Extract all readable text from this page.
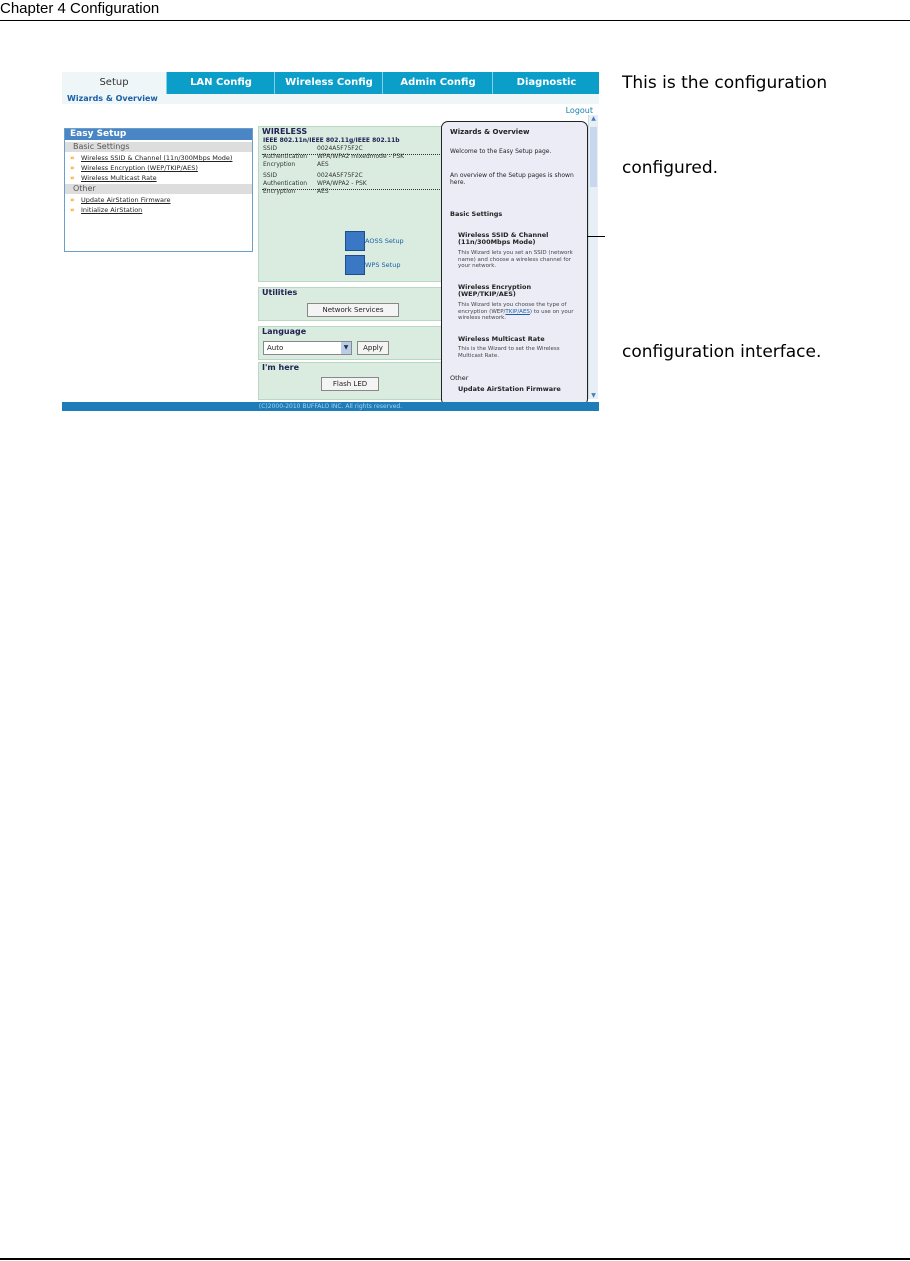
Chapter 4 Configuration
Setup	LAN Config	Wireless Config	Admin Config	Diagnostic
Wizards & Overview
Logout
Easy Setup
Basic Settings
» Wireless SSID & Channel (11n/300Mbps Mode)
» Wireless Encryption (WEP/TKIP/AES)
» Wireless Multicast Rate
Other
» Update AirStation Firmware
» Initialize AirStation
WIRELESS
IEEE 802.11n/IEEE 802.11g/IEEE 802.11b
SSID	0024A5F75F2C
Authentication WPA/WPA2 mixedmode - PSK
Encryption	AES
SSID	0024A5F75F2C
Authentication WPA/WPA2 - PSK
Encryption	AES
AOSS Setup
WPS Setup
Utilities
Network Services
Language
Auto	▼	Apply
I'm here
Flash LED
Wizards & Overview
Welcome to the Easy Setup page.
An overview of the Setup pages is shown here.
Basic Settings
Wireless SSID & Channel (11n/300Mbps Mode)
This Wizard lets you set an SSID (network name) and choose a wireless channel for your network.
Wireless Encryption (WEP/TKIP/AES)
This Wizard lets you choose the type of encryption (WEP/TKIP/AES) to use on your wireless network.
Wireless Multicast Rate
This is the Wizard to set the Wireless Multicast Rate.
Other
Update AirStation Firmware
▲
▼
(C)2000-2010 BUFFALO INC. All rights reserved.
This is the configuration
configured.
configuration interface.
